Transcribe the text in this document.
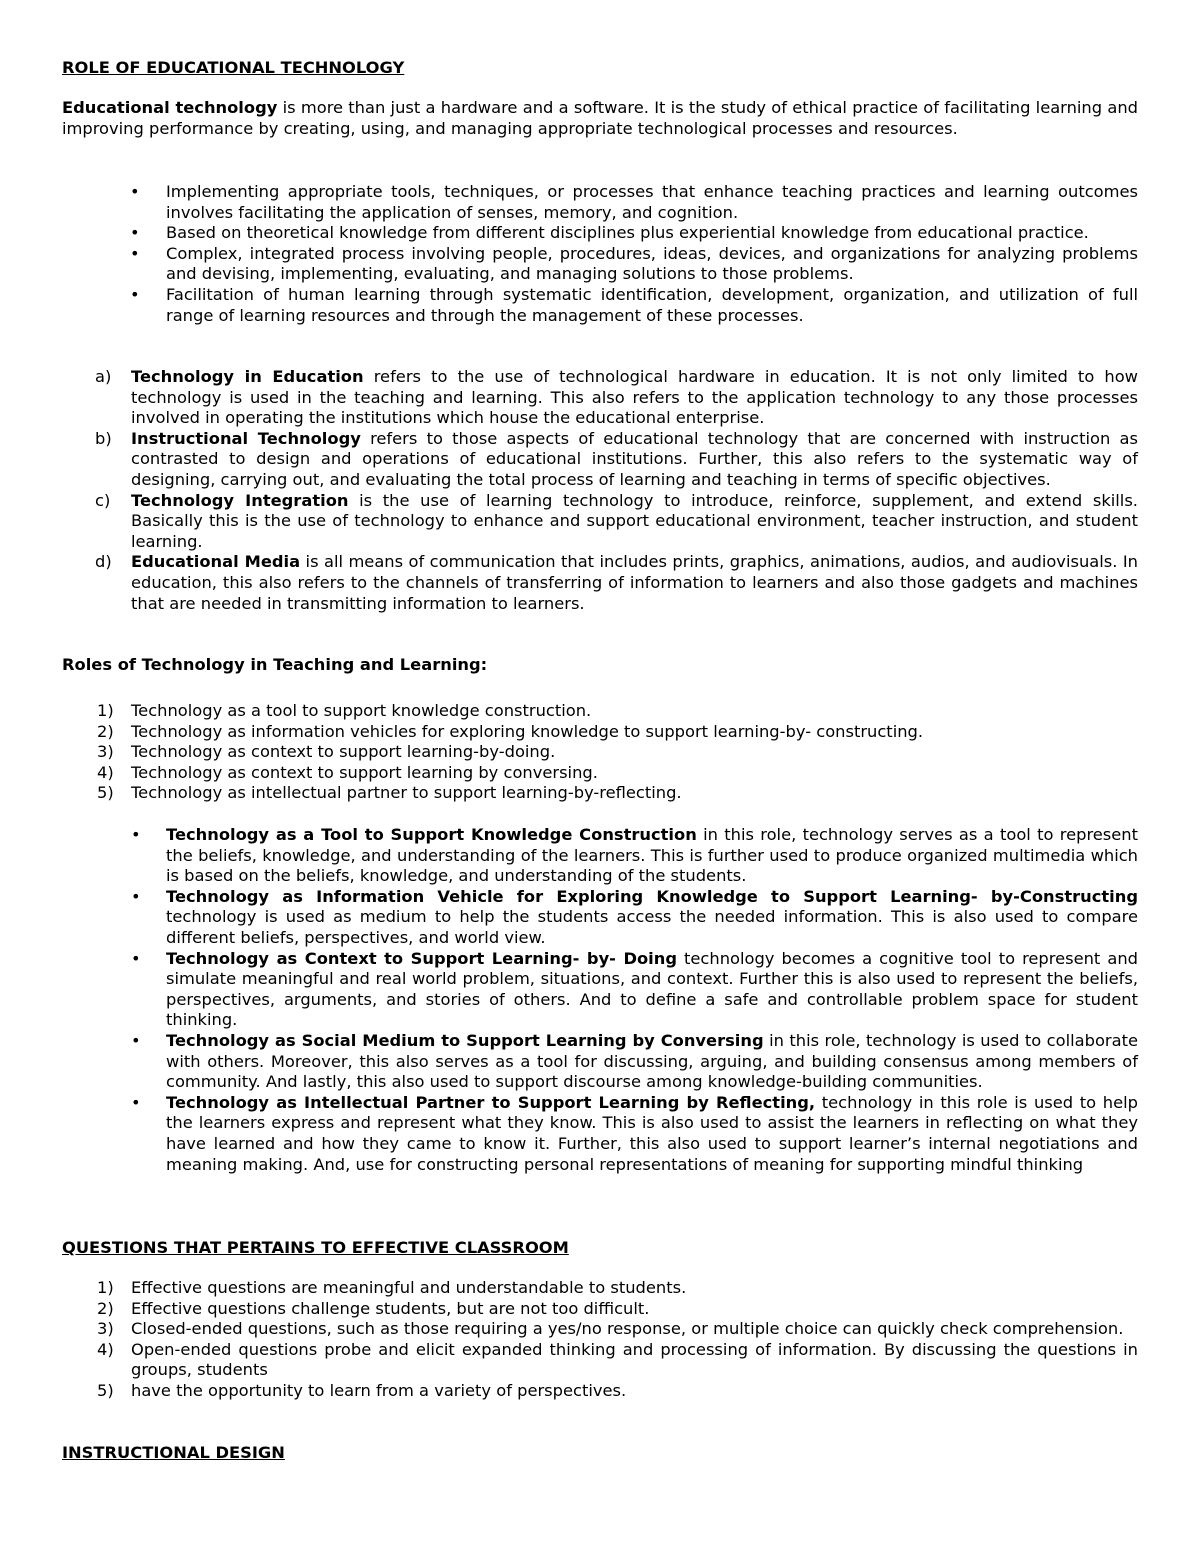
ROLE OF EDUCATIONAL TECHNOLOGY

Educational technology is more than just a hardware and a software. It is the study of ethical practice of facilitating learning and improving performance by creating, using, and managing appropriate technological processes and resources.

• Implementing appropriate tools, techniques, or processes that enhance teaching practices and learning outcomes involves facilitating the application of senses, memory, and cognition.
• Based on theoretical knowledge from different disciplines plus experiential knowledge from educational practice.
• Complex, integrated process involving people, procedures, ideas, devices, and organizations for analyzing problems and devising, implementing, evaluating, and managing solutions to those problems.
• Facilitation of human learning through systematic identification, development, organization, and utilization of full range of learning resources and through the management of these processes.
a) Technology in Education refers to the use of technological hardware in education. It is not only limited to how technology is used in the teaching and learning. This also refers to the application technology to any those processes involved in operating the institutions which house the educational enterprise.
b) Instructional Technology refers to those aspects of educational technology that are concerned with instruction as contrasted to design and operations of educational institutions. Further, this also refers to the systematic way of designing, carrying out, and evaluating the total process of learning and teaching in terms of specific objectives.
c) Technology Integration is the use of learning technology to introduce, reinforce, supplement, and extend skills. Basically this is the use of technology to enhance and support educational environment, teacher instruction, and student learning.
d) Educational Media is all means of communication that includes prints, graphics, animations, audios, and audiovisuals. In education, this also refers to the channels of transferring of information to learners and also those gadgets and machines that are needed in transmitting information to learners.
Roles of Technology in Teaching and Learning:
1) Technology as a tool to support knowledge construction.
2) Technology as information vehicles for exploring knowledge to support learning-by- constructing.
3) Technology as context to support learning-by-doing.
4) Technology as context to support learning by conversing.
5) Technology as intellectual partner to support learning-by-reflecting.
• Technology as a Tool to Support Knowledge Construction in this role, technology serves as a tool to represent the beliefs, knowledge, and understanding of the learners. This is further used to produce organized multimedia which is based on the beliefs, knowledge, and understanding of the students.
• Technology as Information Vehicle for Exploring Knowledge to Support Learning- by-Constructing technology is used as medium to help the students access the needed information. This is also used to compare different beliefs, perspectives, and world view.
• Technology as Context to Support Learning- by- Doing technology becomes a cognitive tool to represent and simulate meaningful and real world problem, situations, and context. Further this is also used to represent the beliefs, perspectives, arguments, and stories of others. And to define a safe and controllable problem space for student thinking.
• Technology as Social Medium to Support Learning by Conversing in this role, technology is used to collaborate with others. Moreover, this also serves as a tool for discussing, arguing, and building consensus among members of community. And lastly, this also used to support discourse among knowledge-building communities.
• Technology as Intellectual Partner to Support Learning by Reflecting, technology in this role is used to help the learners express and represent what they know. This is also used to assist the learners in reflecting on what they have learned and how they came to know it. Further, this also used to support learner’s internal negotiations and meaning making. And, use for constructing personal representations of meaning for supporting mindful thinking
QUESTIONS THAT PERTAINS TO EFFECTIVE CLASSROOM
1) Effective questions are meaningful and understandable to students.
2) Effective questions challenge students, but are not too difficult.
3) Closed-ended questions, such as those requiring a yes/no response, or multiple choice can quickly check comprehension.
4) Open-ended questions probe and elicit expanded thinking and processing of information. By discussing the questions in groups, students
5) have the opportunity to learn from a variety of perspectives.
INSTRUCTIONAL DESIGN
